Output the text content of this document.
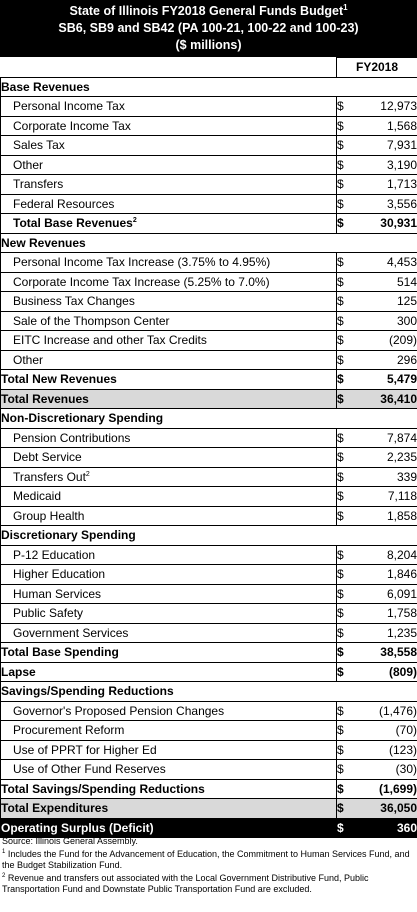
State of Illinois FY2018 General Funds Budget$^1$
SB6, SB9 and SB42 (PA 100-21, 100-22 and 100-23)
($ millions)
	FY2018	
Base Revenues		
Personal Income Tax	$	12,973
Corporate Income Tax	$	1,568
Sales Tax	$	7,931
Other	$	3,190
Transfers	$	1,713
Federal Resources	$	3,556
Total Base Revenues$^2$	$	30,931
New Revenues		
Personal Income Tax Increase (3.75% to 4.95%)	$	4,453
Corporate Income Tax Increase (5.25% to 7.0%)	$	514
Business Tax Changes	$	125
Sale of the Thompson Center	$	300
EITC Increase and other Tax Credits	$	(209)
Other	$	296
Total New Revenues	$	5,479
Total Revenues	$	36,410
Non-Discretionary Spending		
Pension Contributions	$	7,874
Debt Service	$	2,235
Transfers Out$^2$	$	339
Medicaid	$	7,118
Group Health	$	1,858
Discretionary Spending		
P-12 Education	$	8,204
Higher Education	$	1,846
Human Services	$	6,091
Public Safety	$	1,758
Government Services	$	1,235
Total Base Spending	$	38,558
Lapse	$	(809)
Savings/Spending Reductions		
Governor's Proposed Pension Changes	$	(1,476)
Procurement Reform	$	(70)
Use of PPRT for Higher Ed	$	(123)
Use of Other Fund Reserves	$	(30)
Total Savings/Spending Reductions	$	(1,699)
Total Expenditures	$	36,050
Operating Surplus (Deficit)	$	360

Source: Illinois General Assembly.

$^1$ Includes the Fund for the Advancement of Education, the Commitment to Human Services Fund, and the Budget Stabilization Fund.

$^2$ Revenue and transfers out associated with the Local Government Distributive Fund, Public Transportation Fund and Downstate Public Transportation Fund are excluded.
